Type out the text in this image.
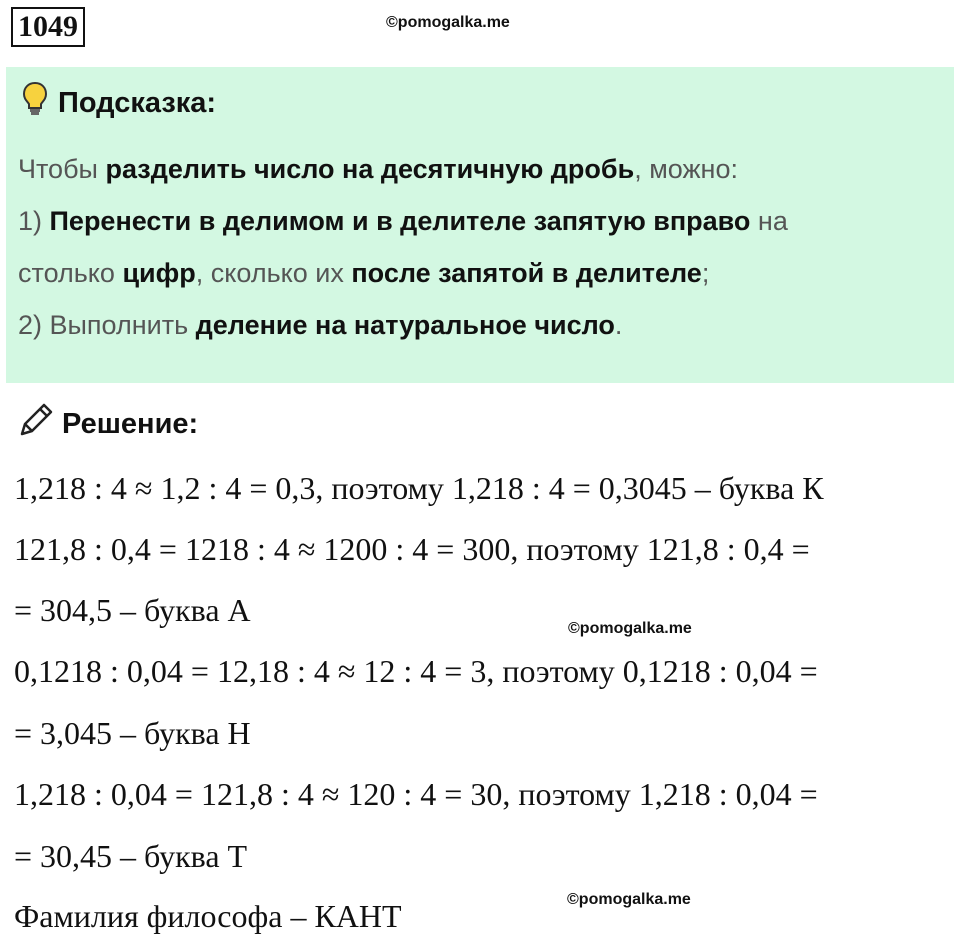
1049	©pomogalka.me
Подсказка:
Чтобы разделить число на десятичную дробь, можно:
1) Перенести в делимом и в делителе запятую вправо на
столько цифр, сколько их после запятой в делителе;
2) Выполнить деление на натуральное число.
Решение:
1,218 : 4 ≈ 1,2 : 4 = 0,3, поэтому 1,218 : 4 = 0,3045 – буква К
121,8 : 0,4 = 1218 : 4 ≈ 1200 : 4 = 300, поэтому 121,8 : 0,4 =
= 304,5 – буква А
©pomogalka.me
0,1218 : 0,04 = 12,18 : 4 ≈ 12 : 4 = 3, поэтому 0,1218 : 0,04 =
= 3,045 – буква Н
1,218 : 0,04 = 121,8 : 4 ≈ 120 : 4 = 30, поэтому 1,218 : 0,04 =
= 30,45 – буква Т
©pomogalka.me
Фамилия философа – КАНТ
